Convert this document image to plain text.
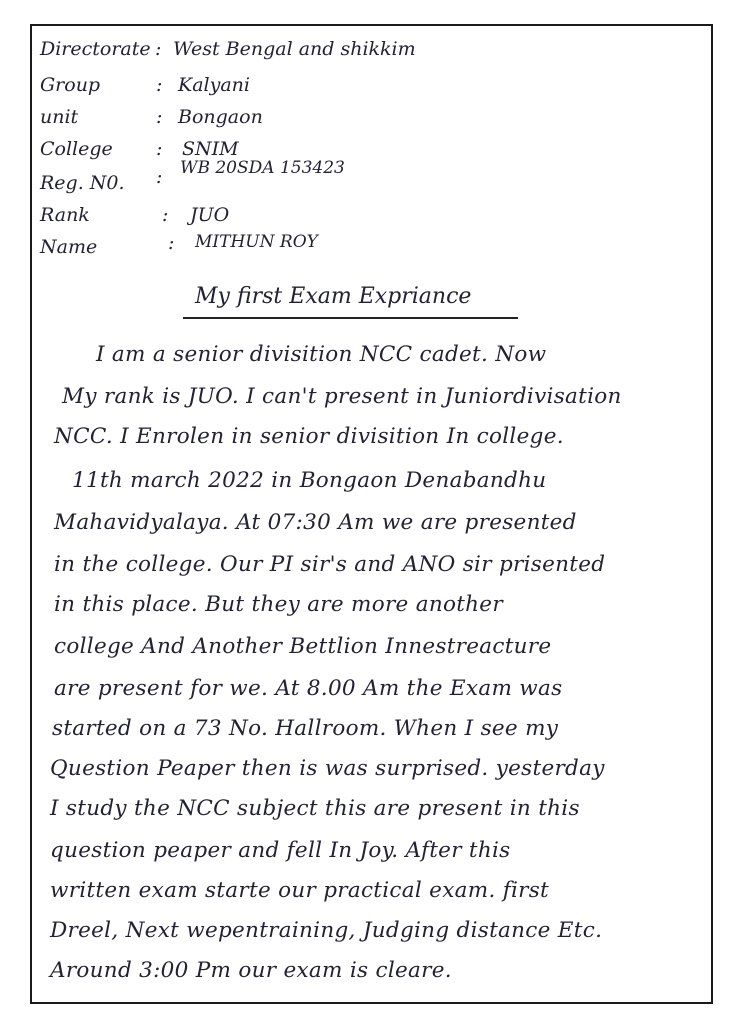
Directorate : West Bengal and shikkim
Group	: Kalyani
unit	: Bongaon
College : SNIM
Reg. N0. : WB 20SDA 153423
Rank	: JUO
Name	: MITHUN ROY
My first Exam Expriance
I am a senior divisition NCC cadet. Now
My rank is JUO. I can't present in Juniordivisation
NCC. I Enrolen in senior divisition In college.
11th march 2022 in Bongaon Denabandhu
Mahavidyalaya. At 07:30 Am we are presented
in the college. Our PI sir's and ANO sir prisented
in this place. But they are more another
college And Another Bettlion Innestreacture
are present for we. At 8.00 Am the Exam was
started on a 73 No. Hallroom. When I see my
Question Peaper then is was surprised. yesterday
I study the NCC subject this are present in this
question peaper and fell In Joy. After this
written exam starte our practical exam. first
Dreel, Next wepentraining, Judging distance Etc.
Around 3:00 Pm our exam is cleare.
